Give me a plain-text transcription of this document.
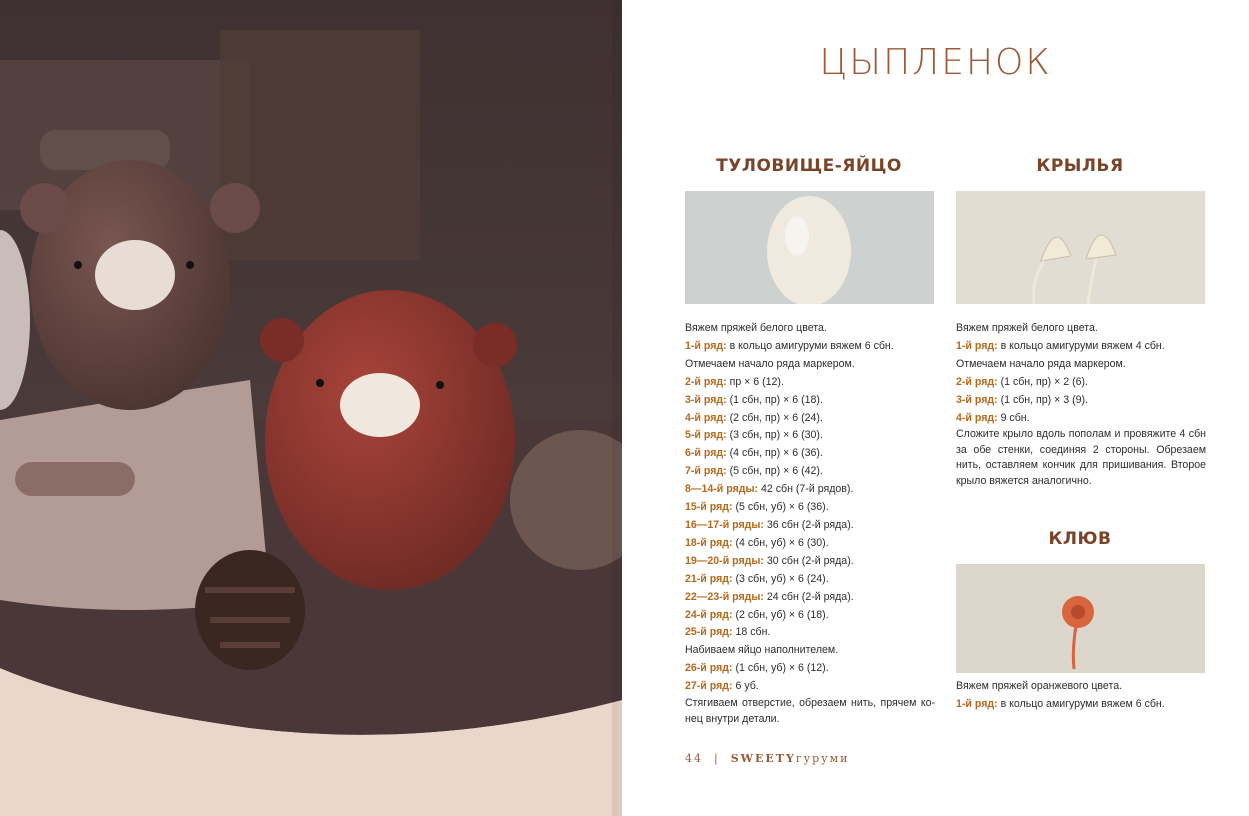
ЦЫПЛЕНОК
ТУЛОВИЩЕ-ЯЙЦО

Вяжем пряжей белого цвета.

1-й ряд: в кольцо амигуруми вяжем 6 сбн.

Отмечаем начало ряда маркером.

2-й ряд: пр × 6 (12).

3-й ряд: (1 сбн, пр) × 6 (18).

4-й ряд: (2 сбн, пр) × 6 (24).

5-й ряд: (3 сбн, пр) × 6 (30).

6-й ряд: (4 сбн, пр) × 6 (36).

7-й ряд: (5 сбн, пр) × 6 (42).

8—14-й ряды: 42 сбн (7-й рядов).

15-й ряд: (5 сбн, уб) × 6 (36).

16—17-й ряды: 36 сбн (2-й ряда).

18-й ряд: (4 сбн, уб) × 6 (30).

19—20-й ряды: 30 сбн (2-й ряда).

21-й ряд: (3 сбн, уб) × 6 (24).

22—23-й ряды: 24 сбн (2-й ряда).

24-й ряд: (2 сбн, уб) × 6 (18).

25-й ряд: 18 сбн.

Набиваем яйцо наполнителем.

26-й ряд: (1 сбн, уб) × 6 (12).

27-й ряд: 6 уб.

Стягиваем отверстие, обрезаем нить, прячем конец внутри детали.

КРЫЛЬЯ

Вяжем пряжей белого цвета.

1-й ряд: в кольцо амигуруми вяжем 4 сбн.

Отмечаем начало ряда маркером.

2-й ряд: (1 сбн, пр) × 2 (6).

3-й ряд: (1 сбн, пр) × 3 (9).

4-й ряд: 9 сбн.

Сложите крыло вдоль пополам и провяжите 4 сбн за обе стенки, соединяя 2 стороны. Обрезаем нить, оставляем кончик для пришивания. Второе крыло вяжется аналогично.

КЛЮВ

Вяжем пряжей оранжевого цвета.

1-й ряд: в кольцо амигуруми вяжем 6 сбн.

44 | SWEETYгуруми
